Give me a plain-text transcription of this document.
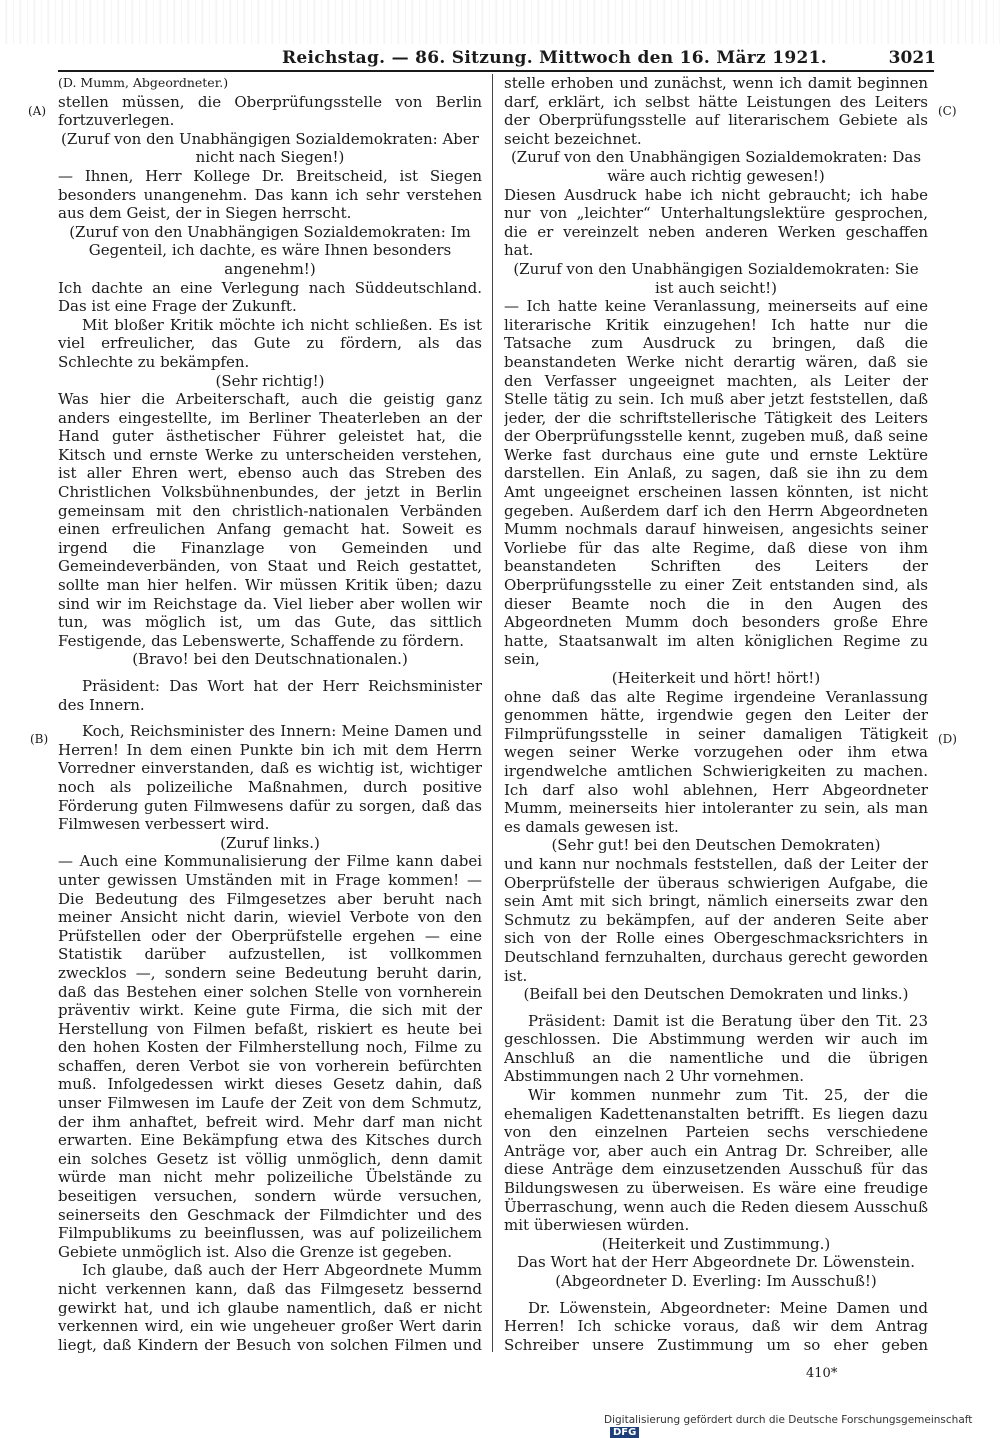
Reichstag. — 86. Sitzung. Mittwoch den 16. März 1921.	3021
(A)
(B)
(C)
(D)

(D. Mumm, Abgeordneter.)

stellen müssen, die Oberprüfungsstelle von Berlin fortzuverlegen.

(Zuruf von den Unabhängigen Sozialdemokraten: Aber nicht nach Siegen!)

— Ihnen, Herr Kollege Dr. Breitscheid, ist Siegen besonders unangenehm. Das kann ich sehr verstehen aus dem Geist, der in Siegen herrscht.

(Zuruf von den Unabhängigen Sozialdemokraten: Im Gegenteil, ich dachte, es wäre Ihnen besonders angenehm!)

Ich dachte an eine Verlegung nach Süddeutschland. Das ist eine Frage der Zukunft.

Mit bloßer Kritik möchte ich nicht schließen. Es ist viel erfreulicher, das Gute zu fördern, als das Schlechte zu bekämpfen.

(Sehr richtig!)

Was hier die Arbeiterschaft, auch die geistig ganz anders eingestellte, im Berliner Theaterleben an der Hand guter ästhetischer Führer geleistet hat, die Kitsch und ernste Werke zu unterscheiden verstehen, ist aller Ehren wert, ebenso auch das Streben des Christlichen Volksbühnenbundes, der jetzt in Berlin gemeinsam mit den christlich-nationalen Verbänden einen erfreulichen Anfang gemacht hat. Soweit es irgend die Finanzlage von Gemeinden und Gemeindeverbänden, von Staat und Reich gestattet, sollte man hier helfen. Wir müssen Kritik üben; dazu sind wir im Reichstage da. Viel lieber aber wollen wir tun, was möglich ist, um das Gute, das sittlich Festigende, das Lebenswerte, Schaffende zu fördern.

(Bravo! bei den Deutschnationalen.)

Präsident: Das Wort hat der Herr Reichsminister des Innern.

Koch, Reichsminister des Innern: Meine Damen und Herren! In dem einen Punkte bin ich mit dem Herrn Vorredner einverstanden, daß es wichtig ist, wichtiger noch als polizeiliche Maßnahmen, durch positive Förderung guten Filmwesens dafür zu sorgen, daß das Filmwesen verbessert wird.

(Zuruf links.)

— Auch eine Kommunalisierung der Filme kann dabei unter gewissen Umständen mit in Frage kommen! — Die Bedeutung des Filmgesetzes aber beruht nach meiner Ansicht nicht darin, wieviel Verbote von den Prüfstellen oder der Oberprüfstelle ergehen — eine Statistik darüber aufzustellen, ist vollkommen zwecklos —, sondern seine Bedeutung beruht darin, daß das Bestehen einer solchen Stelle von vornherein präventiv wirkt. Keine gute Firma, die sich mit der Herstellung von Filmen befaßt, riskiert es heute bei den hohen Kosten der Filmherstellung noch, Filme zu schaffen, deren Verbot sie von vorherein befürchten muß. Infolgedessen wirkt dieses Gesetz dahin, daß unser Filmwesen im Laufe der Zeit von dem Schmutz, der ihm anhaftet, befreit wird. Mehr darf man nicht erwarten. Eine Bekämpfung etwa des Kitsches durch ein solches Gesetz ist völlig unmöglich, denn damit würde man nicht mehr polizeiliche Übelstände zu beseitigen versuchen, sondern würde versuchen, seinerseits den Geschmack der Filmdichter und des Filmpublikums zu beeinflussen, was auf polizeilichem Gebiete unmöglich ist. Also die Grenze ist gegeben.

Ich glaube, daß auch der Herr Abgeordnete Mumm nicht verkennen kann, daß das Filmgesetz bessernd gewirkt hat, und ich glaube namentlich, daß er nicht verkennen wird, ein wie ungeheuer großer Wert darin liegt, daß Kindern der Besuch von solchen Filmen und

stelle erhoben und zunächst, wenn ich damit beginnen darf, erklärt, ich selbst hätte Leistungen des Leiters der Oberprüfungsstelle auf literarischem Gebiete als seicht bezeichnet.

(Zuruf von den Unabhängigen Sozialdemokraten: Das wäre auch richtig gewesen!)

Diesen Ausdruck habe ich nicht gebraucht; ich habe nur von „leichter“ Unterhaltungslektüre gesprochen, die er vereinzelt neben anderen Werken geschaffen hat.

(Zuruf von den Unabhängigen Sozialdemokraten: Sie ist auch seicht!)

— Ich hatte keine Veranlassung, meinerseits auf eine literarische Kritik einzugehen! Ich hatte nur die Tatsache zum Ausdruck zu bringen, daß die beanstandeten Werke nicht derartig wären, daß sie den Verfasser ungeeignet machten, als Leiter der Stelle tätig zu sein. Ich muß aber jetzt feststellen, daß jeder, der die schriftstellerische Tätigkeit des Leiters der Oberprüfungsstelle kennt, zugeben muß, daß seine Werke fast durchaus eine gute und ernste Lektüre darstellen. Ein Anlaß, zu sagen, daß sie ihn zu dem Amt ungeeignet erscheinen lassen könnten, ist nicht gegeben. Außerdem darf ich den Herrn Abgeordneten Mumm nochmals darauf hinweisen, angesichts seiner Vorliebe für das alte Regime, daß diese von ihm beanstandeten Schriften des Leiters der Oberprüfungsstelle zu einer Zeit entstanden sind, als dieser Beamte noch die in den Augen des Abgeordneten Mumm doch besonders große Ehre hatte, Staatsanwalt im alten königlichen Regime zu sein,

(Heiterkeit und hört! hört!)

ohne daß das alte Regime irgendeine Veranlassung genommen hätte, irgendwie gegen den Leiter der Filmprüfungsstelle in seiner damaligen Tätigkeit wegen seiner Werke vorzugehen oder ihm etwa irgendwelche amtlichen Schwierigkeiten zu machen. Ich darf also wohl ablehnen, Herr Abgeordneter Mumm, meinerseits hier intoleranter zu sein, als man es damals gewesen ist.

(Sehr gut! bei den Deutschen Demokraten)

und kann nur nochmals feststellen, daß der Leiter der Oberprüfstelle der überaus schwierigen Aufgabe, die sein Amt mit sich bringt, nämlich einerseits zwar den Schmutz zu bekämpfen, auf der anderen Seite aber sich von der Rolle eines Obergeschmacksrichters in Deutschland fernzuhalten, durchaus gerecht geworden ist.

(Beifall bei den Deutschen Demokraten und links.)

Präsident: Damit ist die Beratung über den Tit. 23 geschlossen. Die Abstimmung werden wir auch im Anschluß an die namentliche und die übrigen Abstimmungen nach 2 Uhr vornehmen.

Wir kommen nunmehr zum Tit. 25, der die ehemaligen Kadettenanstalten betrifft. Es liegen dazu von den einzelnen Parteien sechs verschiedene Anträge vor, aber auch ein Antrag Dr. Schreiber, alle diese Anträge dem einzusetzenden Ausschuß für das Bildungswesen zu überweisen. Es wäre eine freudige Überraschung, wenn auch die Reden diesem Ausschuß mit überwiesen würden.

(Heiterkeit und Zustimmung.)

Das Wort hat der Herr Abgeordnete Dr. Löwenstein. (Abgeordneter D. Everling: Im Ausschuß!)

Dr. Löwenstein, Abgeordneter: Meine Damen und Herren! Ich schicke voraus, daß wir dem Antrag Schreiber unsere Zustimmung um so eher geben

410*
Digitalisierung gefördert durch die Deutsche Forschungsgemeinschaft DFG
